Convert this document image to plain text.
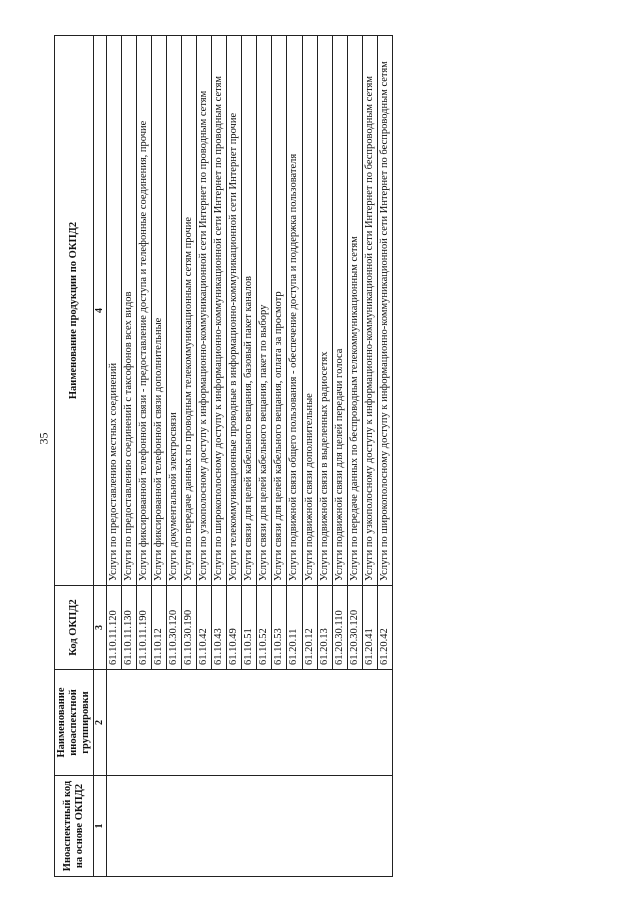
35
Иноаспектный код на основе ОКПД2	Наименование иноаспектной группировки	Код ОКПД2	Наименование продукции по ОКПД2
1	2	3	4
		61.10.11.120	Услуги по предоставлению местных соединений
		61.10.11.130	Услуги по предоставлению соединений с таксофонов всех видов
		61.10.11.190	Услуги фиксированной телефонной связи - предоставление доступа и телефонные соединения, прочие
		61.10.12	Услуги фиксированной телефонной связи дополнительные
		61.10.30.120	Услуги документальной электросвязи
		61.10.30.190	Услуги по передаче данных по проводным телекоммуникационным сетям прочие
		61.10.42	Услуги по узкополосному доступу к информационно-коммуникационной сети Интернет по проводным сетям
		61.10.43	Услуги по широкополосному доступу к информационно-коммуникационной сети Интернет по проводным сетям
		61.10.49	Услуги телекоммуникационные проводные в информационно-коммуникационной сети Интернет прочие
		61.10.51	Услуги связи для целей кабельного вещания, базовый пакет каналов
		61.10.52	Услуги связи для целей кабельного вещания, пакет по выбору
		61.10.53	Услуги связи для целей кабельного вещания, оплата за просмотр
		61.20.11	Услуги подвижной связи общего пользования - обеспечение доступа и поддержка пользователя
		61.20.12	Услуги подвижной связи дополнительные
		61.20.13	Услуги подвижной связи в выделенных радиосетях
		61.20.30.110	Услуги подвижной связи для целей передачи голоса
		61.20.30.120	Услуги по передаче данных по беспроводным телекоммуникационным сетям
		61.20.41	Услуги по узкополосному доступу к информационно-коммуникационной сети Интернет по беспроводным сетям
		61.20.42	Услуги по широкополосному доступу к информационно-коммуникационной сети Интернет по беспроводным сетям
